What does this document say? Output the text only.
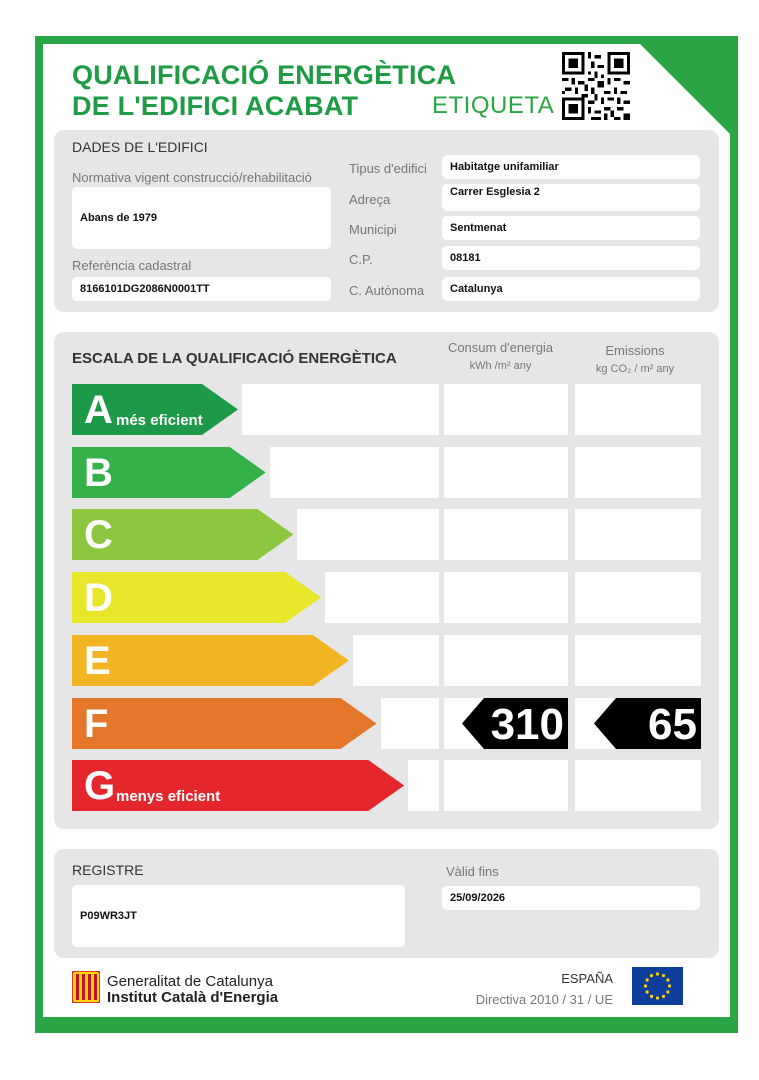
QUALIFICACIÓ ENERGÈTICA
DE L'EDIFICI ACABAT	ETIQUETA
DADES DE L'EDIFICI
Normativa vigent construcció/rehabilitació
Abans de 1979
Referència cadastral
8166101DG2086N0001TT
Tipus d'edifici	Habitatge unifamiliar
Adreça	Carrer Esglesia 2
Municipi	Sentmenat
C.P.	08181
C. Autònoma	Catalunya
ESCALA DE LA QUALIFICACIÓ ENERGÈTICA
Consum d'energia
kWh /m² any
Emissions
kg CO₂ / m² any
A més eficient
B
C
D
E
F	310	65
G menys eficient
REGISTRE
P09WR3JT
Vàlid fins
25/09/2026
Generalitat de Catalunya
Institut Català d'Energia
ESPAÑA
Directiva 2010 / 31 / UE
